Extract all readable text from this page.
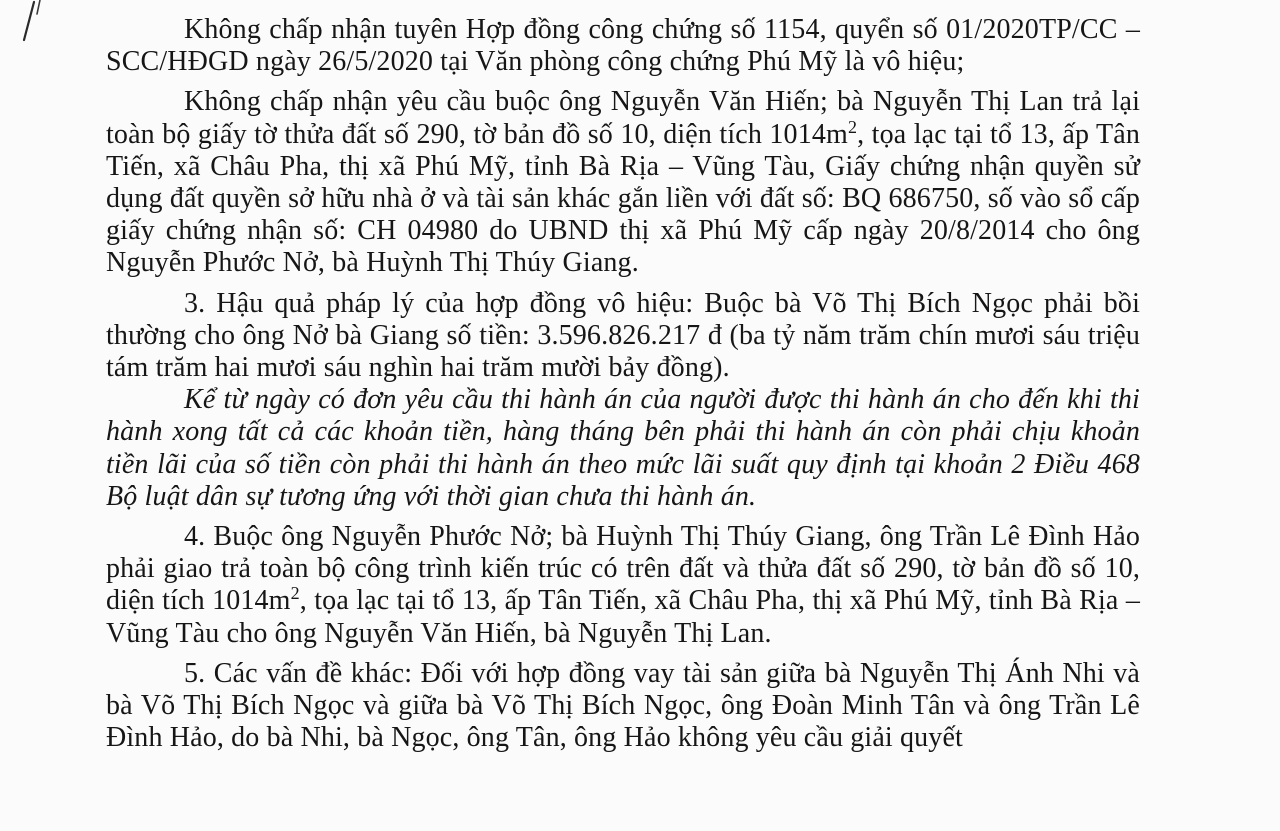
Không chấp nhận tuyên Hợp đồng công chứng số 1154, quyển số 01/2020TP/CC – SCC/HĐGD ngày 26/5/2020 tại Văn phòng công chứng Phú Mỹ là vô hiệu;

Không chấp nhận yêu cầu buộc ông Nguyễn Văn Hiến; bà Nguyễn Thị Lan trả lại toàn bộ giấy tờ thửa đất số 290, tờ bản đồ số 10, diện tích $1014m^2$, tọa lạc tại tổ 13, ấp Tân Tiến, xã Châu Pha, thị xã Phú Mỹ, tỉnh Bà Rịa – Vũng Tàu, Giấy chứng nhận quyền sử dụng đất quyền sở hữu nhà ở và tài sản khác gắn liền với đất số: BQ 686750, số vào sổ cấp giấy chứng nhận số: CH 04980 do UBND thị xã Phú Mỹ cấp ngày 20/8/2014 cho ông Nguyễn Phước Nở, bà Huỳnh Thị Thúy Giang.

3. Hậu quả pháp lý của hợp đồng vô hiệu: Buộc bà Võ Thị Bích Ngọc phải bồi thường cho ông Nở bà Giang số tiền: 3.596.826.217 đ (ba tỷ năm trăm chín mươi sáu triệu tám trăm hai mươi sáu nghìn hai trăm mười bảy đồng).

Kể từ ngày có đơn yêu cầu thi hành án của người được thi hành án cho đến khi thi hành xong tất cả các khoản tiền, hàng tháng bên phải thi hành án còn phải chịu khoản tiền lãi của số tiền còn phải thi hành án theo mức lãi suất quy định tại khoản 2 Điều 468 Bộ luật dân sự tương ứng với thời gian chưa thi hành án.

4. Buộc ông Nguyễn Phước Nở; bà Huỳnh Thị Thúy Giang, ông Trần Lê Đình Hảo phải giao trả toàn bộ công trình kiến trúc có trên đất và thửa đất số 290, tờ bản đồ số 10, diện tích $1014m^2$, tọa lạc tại tổ 13, ấp Tân Tiến, xã Châu Pha, thị xã Phú Mỹ, tỉnh Bà Rịa – Vũng Tàu cho ông Nguyễn Văn Hiến, bà Nguyễn Thị Lan.

5. Các vấn đề khác: Đối với hợp đồng vay tài sản giữa bà Nguyễn Thị Ánh Nhi và bà Võ Thị Bích Ngọc và giữa bà Võ Thị Bích Ngọc, ông Đoàn Minh Tân và ông Trần Lê Đình Hảo, do bà Nhi, bà Ngọc, ông Tân, ông Hảo không yêu cầu giải quyết
